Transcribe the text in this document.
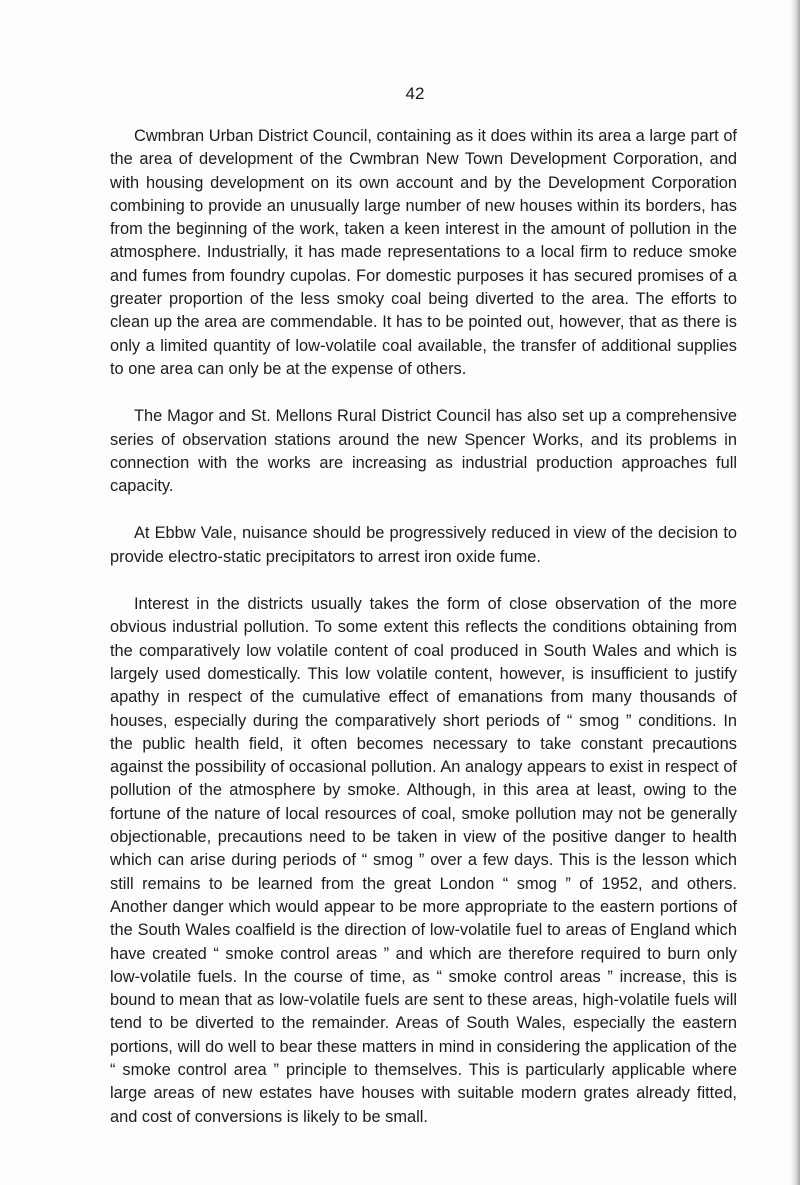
42

Cwmbran Urban District Council, containing as it does within its area a large part of the area of development of the Cwmbran New Town Development Corporation, and with housing development on its own account and by the Development Corporation combining to provide an unusually large number of new houses within its borders, has from the beginning of the work, taken a keen interest in the amount of pollution in the atmosphere. Industrially, it has made representations to a local firm to reduce smoke and fumes from foundry cupolas. For domestic purposes it has secured promises of a greater proportion of the less smoky coal being diverted to the area. The efforts to clean up the area are commendable. It has to be pointed out, however, that as there is only a limited quantity of low-volatile coal available, the transfer of additional supplies to one area can only be at the expense of others.

The Magor and St. Mellons Rural District Council has also set up a comprehensive series of observation stations around the new Spencer Works, and its problems in connection with the works are increasing as industrial production approaches full capacity.

At Ebbw Vale, nuisance should be progressively reduced in view of the decision to provide electro-static precipitators to arrest iron oxide fume.

Interest in the districts usually takes the form of close observation of the more obvious industrial pollution. To some extent this reflects the conditions obtaining from the comparatively low volatile content of coal produced in South Wales and which is largely used domestically. This low volatile content, however, is insufficient to justify apathy in respect of the cumulative effect of emanations from many thousands of houses, especially during the comparatively short periods of “ smog ” conditions. In the public health field, it often becomes necessary to take constant precautions against the possibility of occasional pollution. An analogy appears to exist in respect of pollution of the atmosphere by smoke. Although, in this area at least, owing to the fortune of the nature of local resources of coal, smoke pollution may not be generally objectionable, precautions need to be taken in view of the positive danger to health which can arise during periods of “ smog ” over a few days. This is the lesson which still remains to be learned from the great London “ smog ” of 1952, and others. Another danger which would appear to be more appropriate to the eastern portions of the South Wales coalfield is the direction of low-volatile fuel to areas of England which have created “ smoke control areas ” and which are therefore required to burn only low-volatile fuels. In the course of time, as “ smoke control areas ” increase, this is bound to mean that as low-volatile fuels are sent to these areas, high-volatile fuels will tend to be diverted to the remainder. Areas of South Wales, especially the eastern portions, will do well to bear these matters in mind in considering the application of the “ smoke control area ” principle to themselves. This is particularly applicable where large areas of new estates have houses with suitable modern grates already fitted, and cost of conversions is likely to be small.
